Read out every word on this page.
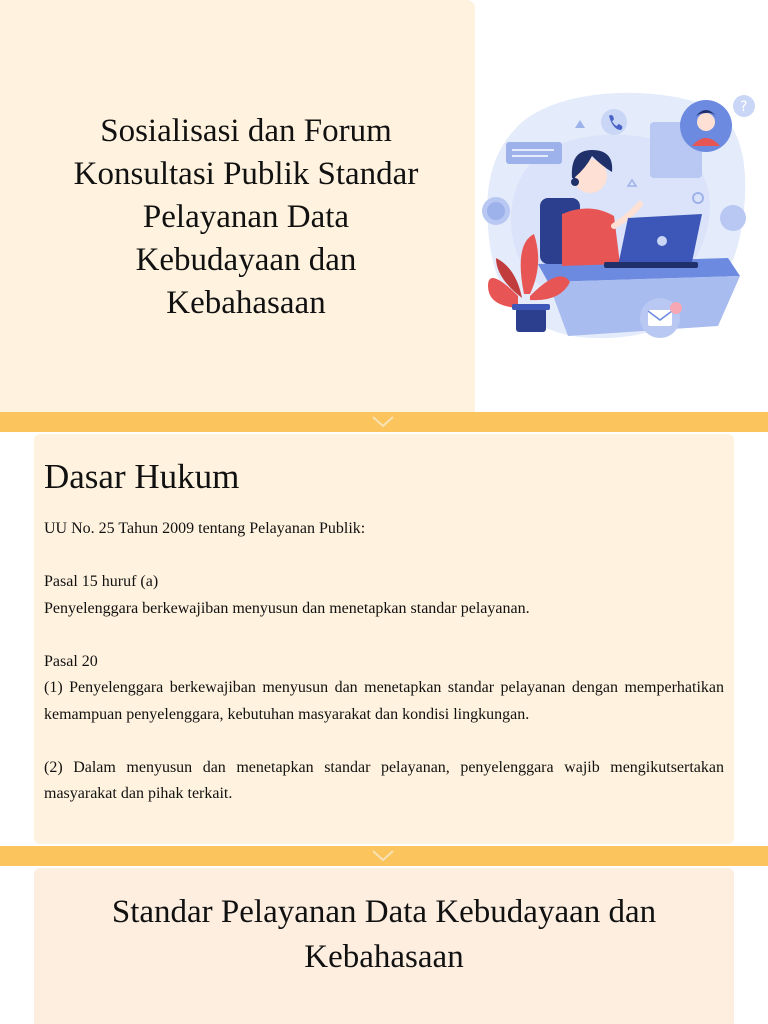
Sosialisasi dan Forum
Konsultasi Publik Standar
Pelayanan Data
Kebudayaan dan
Kebahasaan
?
Dasar Hukum

UU No. 25 Tahun 2009 tentang Pelayanan Publik:

Pasal 15 huruf (a)

Penyelenggara berkewajiban menyusun dan menetapkan standar pelayanan.

Pasal 20

(1) Penyelenggara berkewajiban menyusun dan menetapkan standar pelayanan dengan memperhatikan kemampuan penyelenggara, kebutuhan masyarakat dan kondisi lingkungan.

(2) Dalam menyusun dan menetapkan standar pelayanan, penyelenggara wajib mengikutsertakan masyarakat dan pihak terkait.

Standar Pelayanan Data Kebudayaan dan
Kebahasaan
